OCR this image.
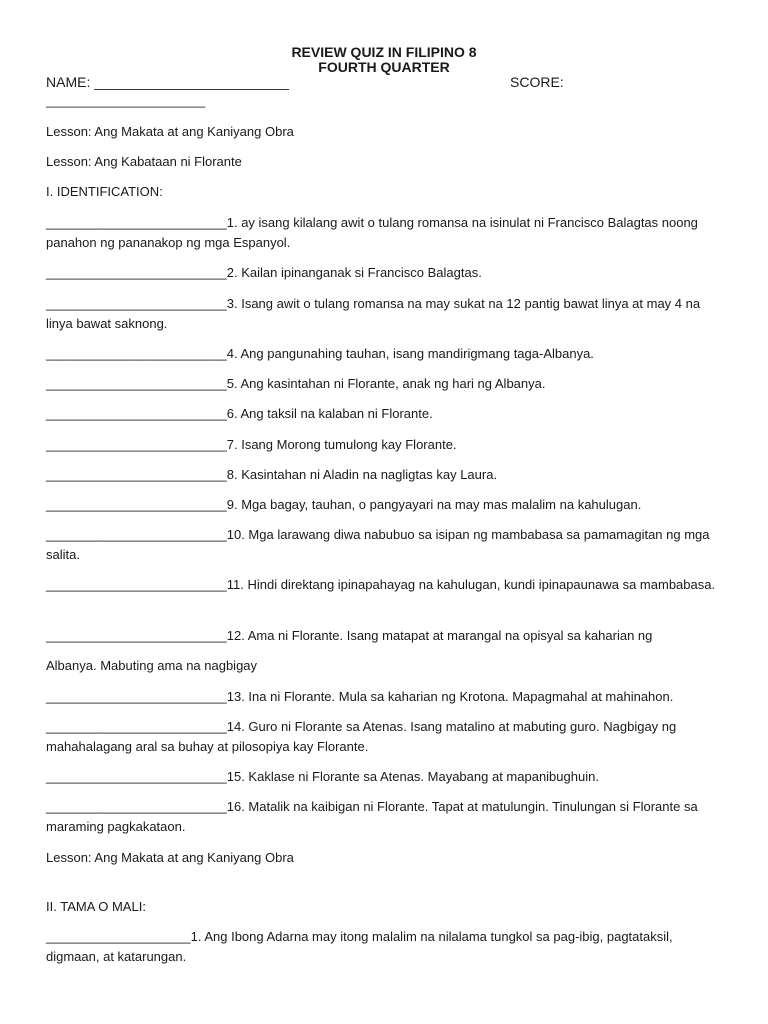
REVIEW QUIZ IN FILIPINO 8
FOURTH QUARTER
NAME: _________________________	SCORE:
______________________
Lesson: Ang Makata at ang Kaniyang Obra
Lesson: Ang Kabataan ni Florante
I. IDENTIFICATION:
_________________________1. ay isang kilalang awit o tulang romansa na isinulat ni Francisco Balagtas noong panahon ng pananakop ng mga Espanyol.
_________________________2. Kailan ipinanganak si Francisco Balagtas.
_________________________3. Isang awit o tulang romansa na may sukat na 12 pantig bawat linya at may 4 na linya bawat saknong.
_________________________4. Ang pangunahing tauhan, isang mandirigmang taga-Albanya.
_________________________5. Ang kasintahan ni Florante, anak ng hari ng Albanya.
_________________________6. Ang taksil na kalaban ni Florante.
_________________________7. Isang Morong tumulong kay Florante.
_________________________8. Kasintahan ni Aladin na nagligtas kay Laura.
_________________________9. Mga bagay, tauhan, o pangyayari na may mas malalim na kahulugan.
_________________________10. Mga larawang diwa nabubuo sa isipan ng mambabasa sa pamamagitan ng mga salita.
_________________________11. Hindi direktang ipinapahayag na kahulugan, kundi ipinapaunawa sa mambabasa.
_________________________12. Ama ni Florante. Isang matapat at marangal na opisyal sa kaharian ng
Albanya. Mabuting ama na nagbigay
_________________________13. Ina ni Florante. Mula sa kaharian ng Krotona. Mapagmahal at mahinahon.
_________________________14. Guro ni Florante sa Atenas. Isang matalino at mabuting guro. Nagbigay ng mahahalagang aral sa buhay at pilosopiya kay Florante.
_________________________15. Kaklase ni Florante sa Atenas. Mayabang at mapanibughuin.
_________________________16. Matalik na kaibigan ni Florante. Tapat at matulungin. Tinulungan si Florante sa maraming pagkakataon.
Lesson: Ang Makata at ang Kaniyang Obra
II. TAMA O MALI:
____________________1. Ang Ibong Adarna may itong malalim na nilalama tungkol sa pag-ibig, pagtataksil, digmaan, at katarungan.
